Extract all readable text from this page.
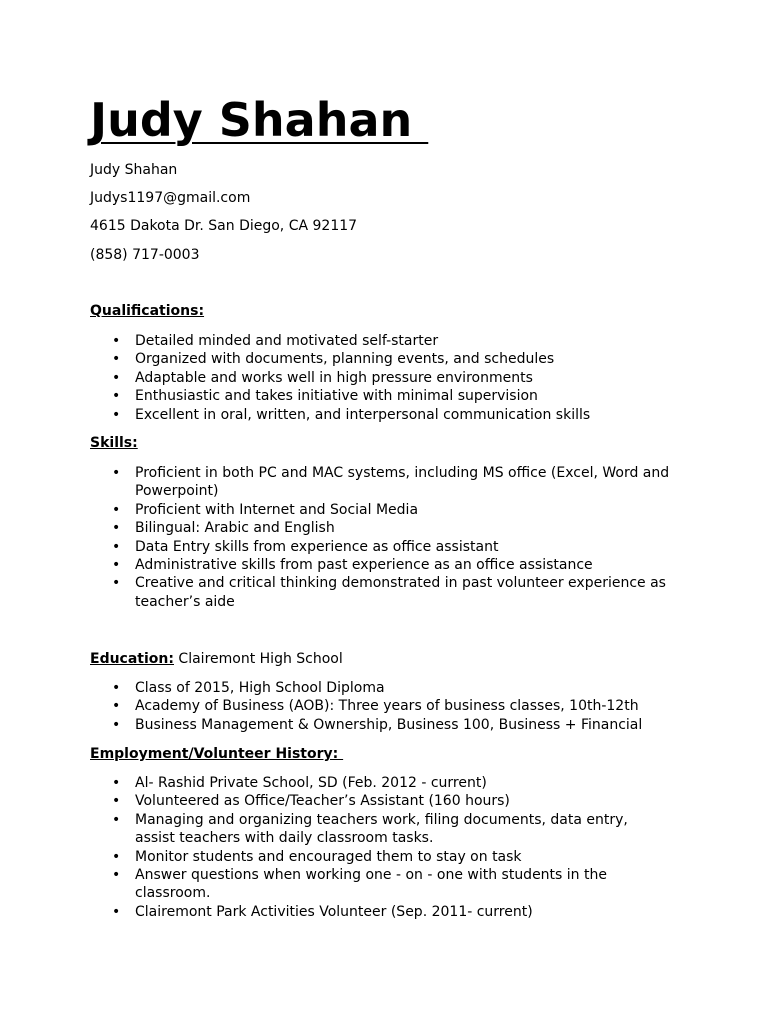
Judy Shahan
Judy Shahan
Judys1197@gmail.com
4615 Dakota Dr. San Diego, CA 92117
(858) 717-0003
Qualifications:
• Detailed minded and motivated self-starter
• Organized with documents, planning events, and schedules
• Adaptable and works well in high pressure environments
• Enthusiastic and takes initiative with minimal supervision
• Excellent in oral, written, and interpersonal communication skills
Skills:
• Proficient in both PC and MAC systems, including MS office (Excel, Word and Powerpoint)
• Proficient with Internet and Social Media
• Bilingual: Arabic and English
• Data Entry skills from experience as office assistant
• Administrative skills from past experience as an office assistance
• Creative and critical thinking demonstrated in past volunteer experience as teacher’s aide
Education: Clairemont High School
• Class of 2015, High School Diploma
• Academy of Business (AOB): Three years of business classes, 10th-12th
• Business Management & Ownership, Business 100, Business + Financial
Employment/Volunteer History:
• Al- Rashid Private School, SD (Feb. 2012 - current)
• Volunteered as Office/Teacher’s Assistant (160 hours)
• Managing and organizing teachers work, filing documents, data entry, assist teachers with daily classroom tasks.
• Monitor students and encouraged them to stay on task
• Answer questions when working one - on - one with students in the classroom.
• Clairemont Park Activities Volunteer (Sep. 2011- current)
